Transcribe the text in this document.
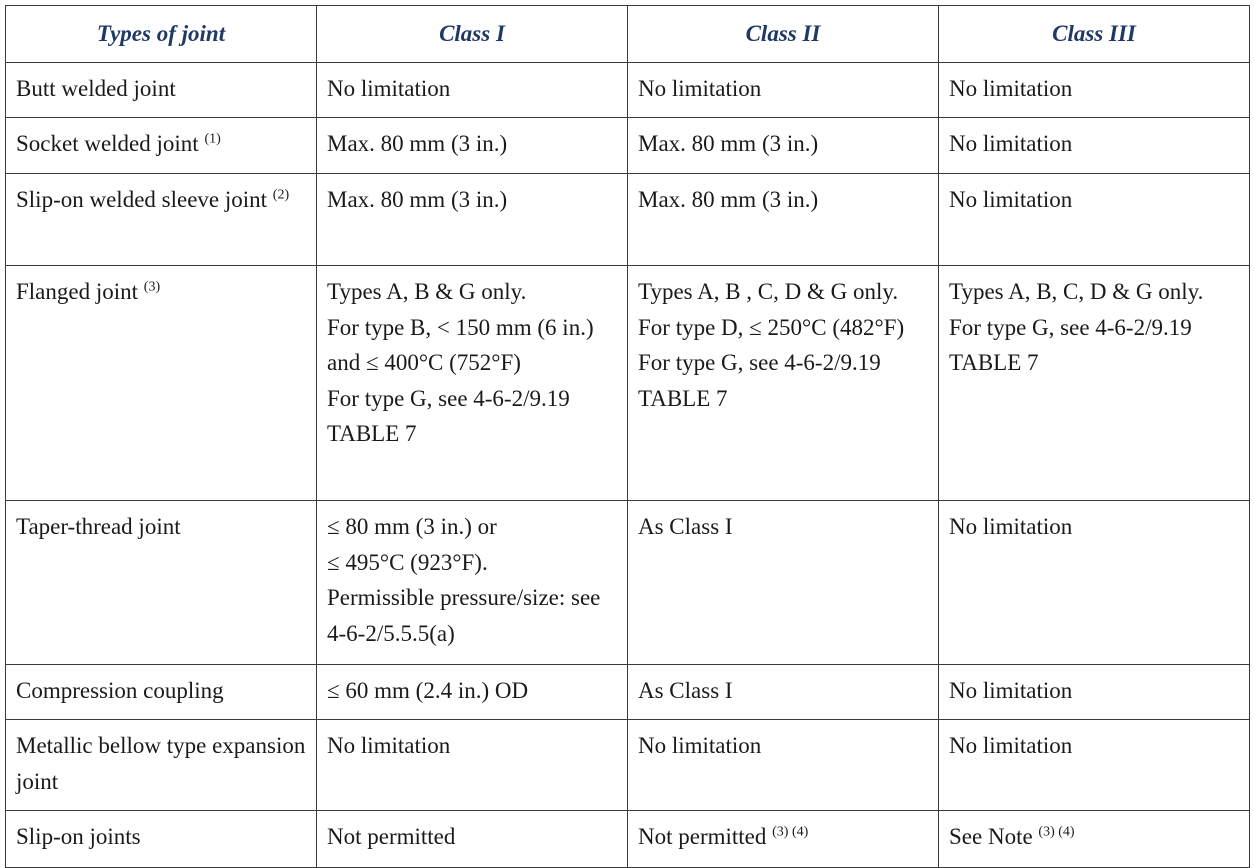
Types of joint	Class I	Class II	Class III
Butt welded joint	No limitation	No limitation	No limitation

Socket welded joint $^{(1)}$	Max. 80 mm (3 in.)	Max. 80 mm (3 in.)	No limitation

Slip-on welded sleeve joint $^{(2)}$	Max. 80 mm (3 in.)	Max. 80 mm (3 in.)	No limitation

Flanged joint $^{(3)}$	Types A, B & G only.
For type B, < 150 mm (6 in.) and ≤ 400°C (752°F)
For type G, see 4-6-2/9.19 TABLE 7	Types A, B , C, D & G only.
For type D, ≤ 250°C (482°F)
For type G, see 4-6-2/9.19 TABLE 7	Types A, B, C, D & G only.
For type G, see 4-6-2/9.19 TABLE 7

Taper-thread joint	≤ 80 mm (3 in.) or
≤ 495°C (923°F).
Permissible pressure/size: see 4-6-2/5.5.5(a)	As Class I	No limitation

Compression coupling	≤ 60 mm (2.4 in.) OD	As Class I	No limitation

Metallic bellow type expansion joint	No limitation	No limitation	No limitation

Slip-on joints	Not permitted	Not permitted $^{(3) (4)}$	See Note $^{(3) (4)}$
